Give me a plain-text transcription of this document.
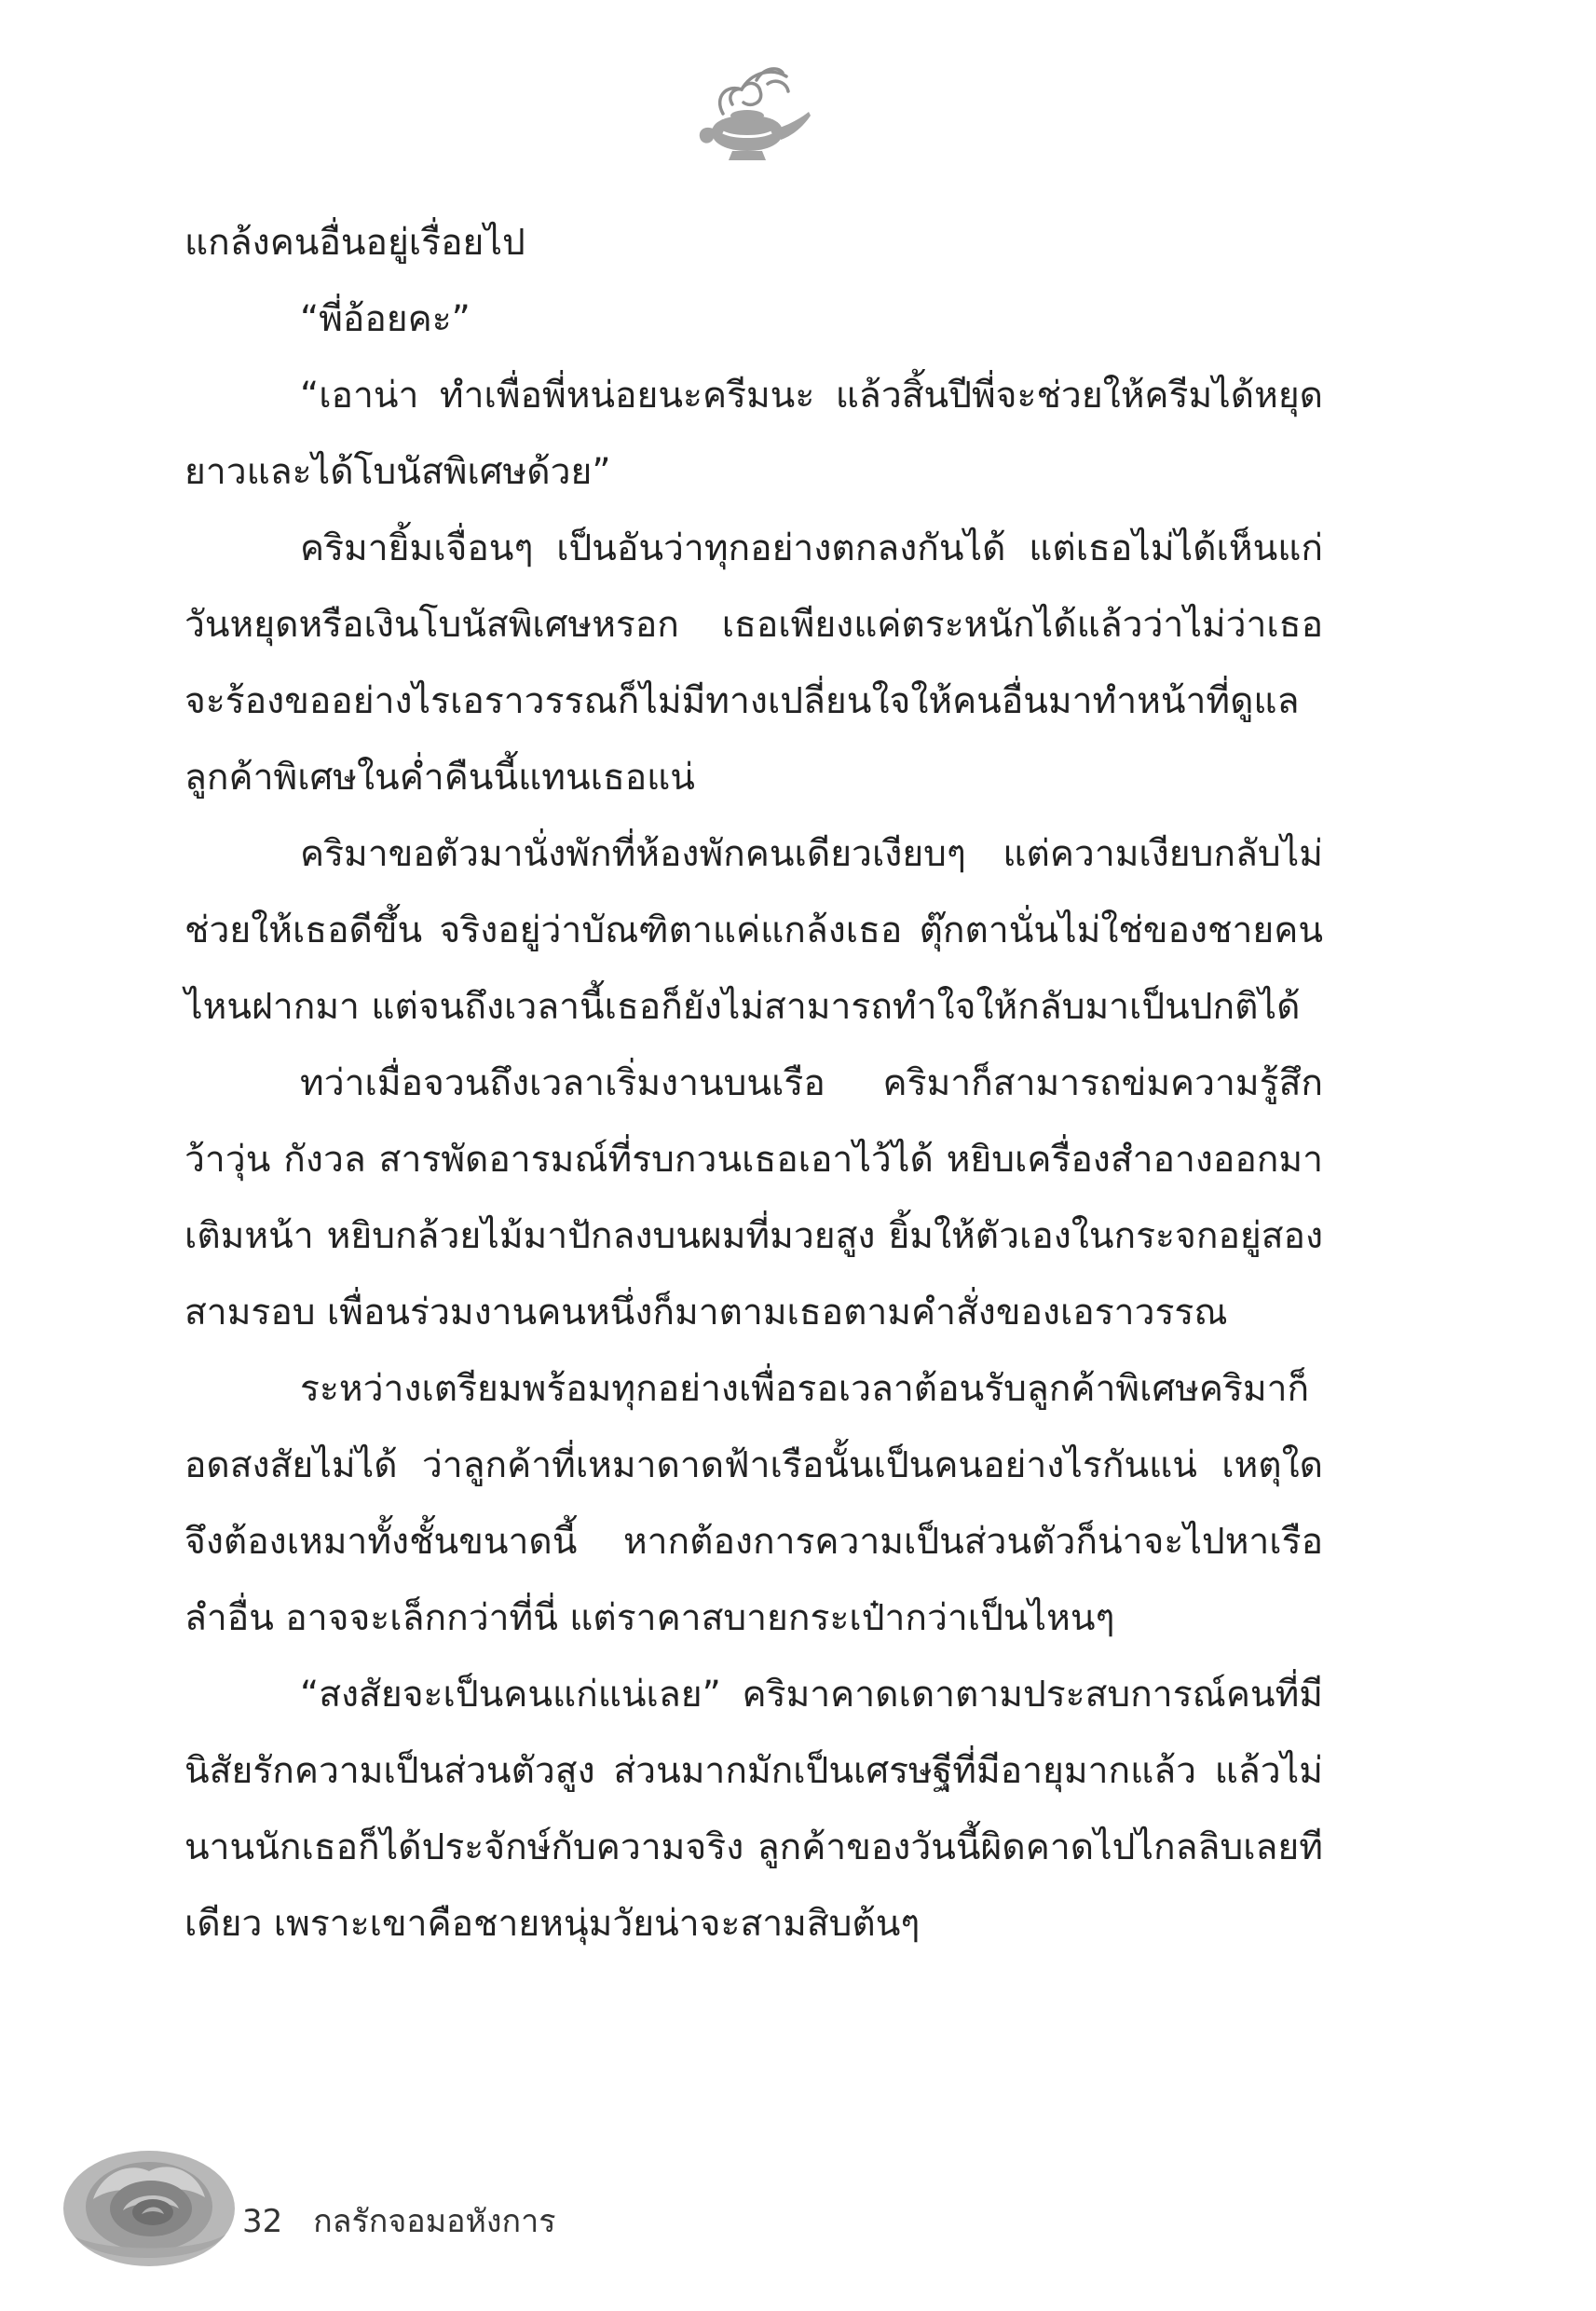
แกล้งคนอื่นอยู่เรื่อยไป

“พี่อ้อยคะ”

“เอาน่า ทำเพื่อพี่หน่อยนะครีมนะ แล้วสิ้นปีพี่จะช่วยให้ครีมได้หยุดยาวและได้โบนัสพิเศษด้วย”

คริมายิ้มเจื่อนๆ เป็นอันว่าทุกอย่างตกลงกันได้ แต่เธอไม่ได้เห็นแก่วันหยุดหรือเงินโบนัสพิเศษหรอก เธอเพียงแค่ตระหนักได้แล้วว่าไม่ว่าเธอจะร้องขออย่างไรเอราวรรณก็ไม่มีทางเปลี่ยนใจให้คนอื่นมาทำหน้าที่ดูแลลูกค้าพิเศษในค่ำคืนนี้แทนเธอแน่

คริมาขอตัวมานั่งพักที่ห้องพักคนเดียวเงียบๆ แต่ความเงียบกลับไม่ช่วยให้เธอดีขึ้น จริงอยู่ว่าบัณฑิตาแค่แกล้งเธอ ตุ๊กตานั่นไม่ใช่ของชายคนไหนฝากมา แต่จนถึงเวลานี้เธอก็ยังไม่สามารถทำใจให้กลับมาเป็นปกติได้

ทว่าเมื่อจวนถึงเวลาเริ่มงานบนเรือ คริมาก็สามารถข่มความรู้สึกว้าวุ่น กังวล สารพัดอารมณ์ที่รบกวนเธอเอาไว้ได้ หยิบเครื่องสำอางออกมาเติมหน้า หยิบกล้วยไม้มาปักลงบนผมที่มวยสูง ยิ้มให้ตัวเองในกระจกอยู่สองสามรอบ เพื่อนร่วมงานคนหนึ่งก็มาตามเธอตามคำสั่งของเอราวรรณ

ระหว่างเตรียมพร้อมทุกอย่างเพื่อรอเวลาต้อนรับลูกค้าพิเศษคริมาก็อดสงสัยไม่ได้ ว่าลูกค้าที่เหมาดาดฟ้าเรือนั้นเป็นคนอย่างไรกันแน่ เหตุใดจึงต้องเหมาทั้งชั้นขนาดนี้ หากต้องการความเป็นส่วนตัวก็น่าจะไปหาเรือลำอื่น อาจจะเล็กกว่าที่นี่ แต่ราคาสบายกระเป๋ากว่าเป็นไหนๆ

“สงสัยจะเป็นคนแก่แน่เลย” คริมาคาดเดาตามประสบการณ์คนที่มีนิสัยรักความเป็นส่วนตัวสูง ส่วนมากมักเป็นเศรษฐีที่มีอายุมากแล้ว แล้วไม่นานนักเธอก็ได้ประจักษ์กับความจริง ลูกค้าของวันนี้ผิดคาดไปไกลลิบเลยทีเดียว เพราะเขาคือชายหนุ่มวัยน่าจะสามสิบต้นๆ

32 กลรักจอมอหังการ
